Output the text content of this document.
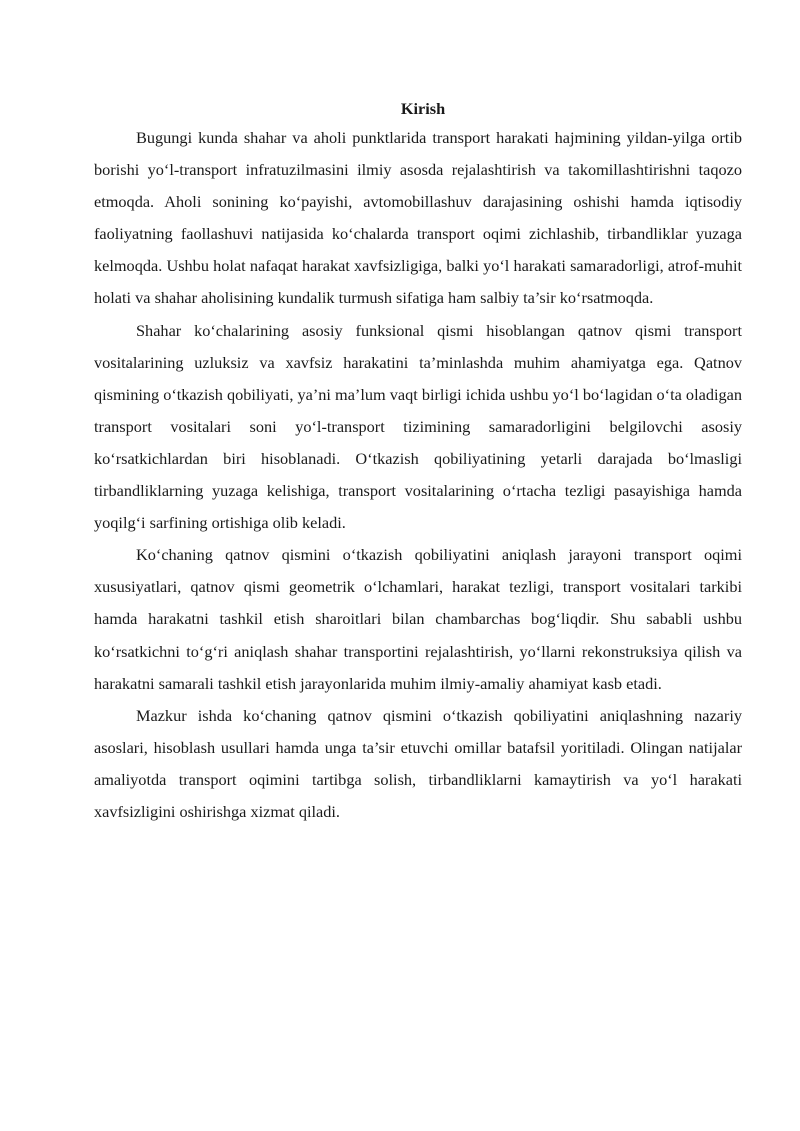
Kirish

Bugungi kunda shahar va aholi punktlarida transport harakati hajmining yildan-yilga ortib borishi yo‘l-transport infratuzilmasini ilmiy asosda rejalashtirish va takomillashtirishni taqozo etmoqda. Aholi sonining ko‘payishi, avtomobillashuv darajasining oshishi hamda iqtisodiy faoliyatning faollashuvi natijasida ko‘chalarda transport oqimi zichlashib, tirbandliklar yuzaga kelmoqda. Ushbu holat nafaqat harakat xavfsizligiga, balki yo‘l harakati samaradorligi, atrof-muhit holati va shahar aholisining kundalik turmush sifatiga ham salbiy ta’sir ko‘rsatmoqda.

Shahar ko‘chalarining asosiy funksional qismi hisoblangan qatnov qismi transport vositalarining uzluksiz va xavfsiz harakatini ta’minlashda muhim ahamiyatga ega. Qatnov qismining o‘tkazish qobiliyati, ya’ni ma’lum vaqt birligi ichida ushbu yo‘l bo‘lagidan o‘ta oladigan transport vositalari soni yo‘l-transport tizimining samaradorligini belgilovchi asosiy ko‘rsatkichlardan biri hisoblanadi. O‘tkazish qobiliyatining yetarli darajada bo‘lmasligi tirbandliklarning yuzaga kelishiga, transport vositalarining o‘rtacha tezligi pasayishiga hamda yoqilg‘i sarfining ortishiga olib keladi.

Ko‘chaning qatnov qismini o‘tkazish qobiliyatini aniqlash jarayoni transport oqimi xususiyatlari, qatnov qismi geometrik o‘lchamlari, harakat tezligi, transport vositalari tarkibi hamda harakatni tashkil etish sharoitlari bilan chambarchas bog‘liqdir. Shu sababli ushbu ko‘rsatkichni to‘g‘ri aniqlash shahar transportini rejalashtirish, yo‘llarni rekonstruksiya qilish va harakatni samarali tashkil etish jarayonlarida muhim ilmiy-amaliy ahamiyat kasb etadi.

Mazkur ishda ko‘chaning qatnov qismini o‘tkazish qobiliyatini aniqlashning nazariy asoslari, hisoblash usullari hamda unga ta’sir etuvchi omillar batafsil yoritiladi. Olingan natijalar amaliyotda transport oqimini tartibga solish, tirbandliklarni kamaytirish va yo‘l harakati xavfsizligini oshirishga xizmat qiladi.
